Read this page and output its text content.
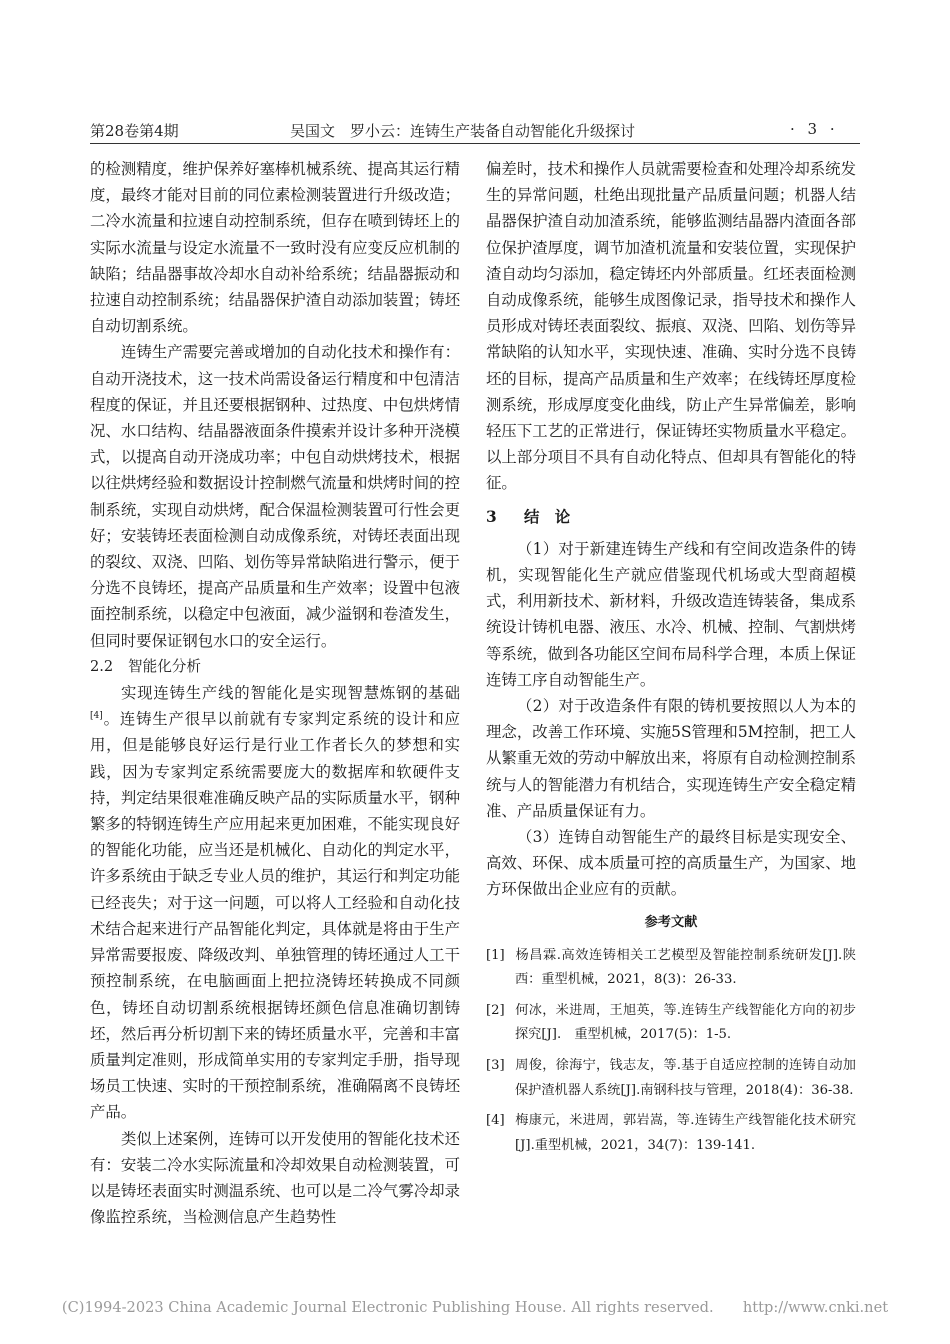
第28卷第4期	吴国文　罗小云：连铸生产装备自动智能化升级探讨	· 3 ·

的检测精度，维护保养好塞棒机械系统、提高其运行精度，最终才能对目前的同位素检测装置进行升级改造；二冷水流量和拉速自动控制系统，但存在喷到铸坯上的实际水流量与设定水流量不一致时没有应变反应机制的缺陷；结晶器事故冷却水自动补给系统；结晶器振动和拉速自动控制系统；结晶器保护渣自动添加装置；铸坯自动切割系统。

连铸生产需要完善或增加的自动化技术和操作有：自动开浇技术，这一技术尚需设备运行精度和中包清洁程度的保证，并且还要根据钢种、过热度、中包烘烤情况、水口结构、结晶器液面条件摸索并设计多种开浇模式，以提高自动开浇成功率；中包自动烘烤技术，根据以往烘烤经验和数据设计控制燃气流量和烘烤时间的控制系统，实现自动烘烤，配合保温检测装置可行性会更好；安装铸坯表面检测自动成像系统，对铸坯表面出现的裂纹、双浇、凹陷、划伤等异常缺陷进行警示，便于分选不良铸坯，提高产品质量和生产效率；设置中包液面控制系统，以稳定中包液面，减少溢钢和卷渣发生，但同时要保证钢包水口的安全运行。

2.2 智能化分析

实现连铸生产线的智能化是实现智慧炼钢的基础[4]。连铸生产很早以前就有专家判定系统的设计和应用，但是能够良好运行是行业工作者长久的梦想和实践，因为专家判定系统需要庞大的数据库和软硬件支持，判定结果很难准确反映产品的实际质量水平，钢种繁多的特钢连铸生产应用起来更加困难，不能实现良好的智能化功能，应当还是机械化、自动化的判定水平，许多系统由于缺乏专业人员的维护，其运行和判定功能已经丧失；对于这一问题，可以将人工经验和自动化技术结合起来进行产品智能化判定，具体就是将由于生产异常需要报废、降级改判、单独管理的铸坯通过人工干预控制系统，在电脑画面上把拉浇铸坯转换成不同颜色，铸坯自动切割系统根据铸坯颜色信息准确切割铸坯，然后再分析切割下来的铸坯质量水平，完善和丰富质量判定准则，形成简单实用的专家判定手册，指导现场员工快速、实时的干预控制系统，准确隔离不良铸坯产品。

类似上述案例，连铸可以开发使用的智能化技术还有：安装二冷水实际流量和冷却效果自动检测装置，可以是铸坯表面实时测温系统、也可以是二冷气雾冷却录像监控系统，当检测信息产生趋势性

偏差时，技术和操作人员就需要检查和处理冷却系统发生的异常问题，杜绝出现批量产品质量问题；机器人结晶器保护渣自动加渣系统，能够监测结晶器内渣面各部位保护渣厚度，调节加渣机流量和安装位置，实现保护渣自动均匀添加，稳定铸坯内外部质量。红坯表面检测自动成像系统，能够生成图像记录，指导技术和操作人员形成对铸坯表面裂纹、振痕、双浇、凹陷、划伤等异常缺陷的认知水平，实现快速、准确、实时分选不良铸坯的目标，提高产品质量和生产效率；在线铸坯厚度检测系统，形成厚度变化曲线，防止产生异常偏差，影响轻压下工艺的正常进行，保证铸坯实物质量水平稳定。以上部分项目不具有自动化特点、但却具有智能化的特征。

3 结　论

（1）对于新建连铸生产线和有空间改造条件的铸机，实现智能化生产就应借鉴现代机场或大型商超模式，利用新技术、新材料，升级改造连铸装备，集成系统设计铸机电器、液压、水冷、机械、控制、气割烘烤等系统，做到各功能区空间布局科学合理，本质上保证连铸工序自动智能生产。

（2）对于改造条件有限的铸机要按照以人为本的理念，改善工作环境、实施5S管理和5M控制，把工人从繁重无效的劳动中解放出来，将原有自动检测控制系统与人的智能潜力有机结合，实现连铸生产安全稳定精准、产品质量保证有力。

（3）连铸自动智能生产的最终目标是实现安全、高效、环保、成本质量可控的高质量生产，为国家、地方环保做出企业应有的贡献。

参考文献
[1] 杨昌霖.高效连铸相关工艺模型及智能控制系统研发[J].陕西：重型机械，2021，8(3)：26-33.
[2] 何冰，米进周，王旭英，等.连铸生产线智能化方向的初步探究[J].　重型机械，2017(5)：1-5.
[3] 周俊，徐海宁，钱志友，等.基于自适应控制的连铸自动加保护渣机器人系统[J].南钢科技与管理，2018(4)：36-38.
[4] 梅康元，米进周，郭岩嵩，等.连铸生产线智能化技术研究[J].重型机械，2021，34(7)：139-141.
(C)1994-2023 China Academic Journal Electronic Publishing House. All rights reserved.　　http://www.cnki.net
